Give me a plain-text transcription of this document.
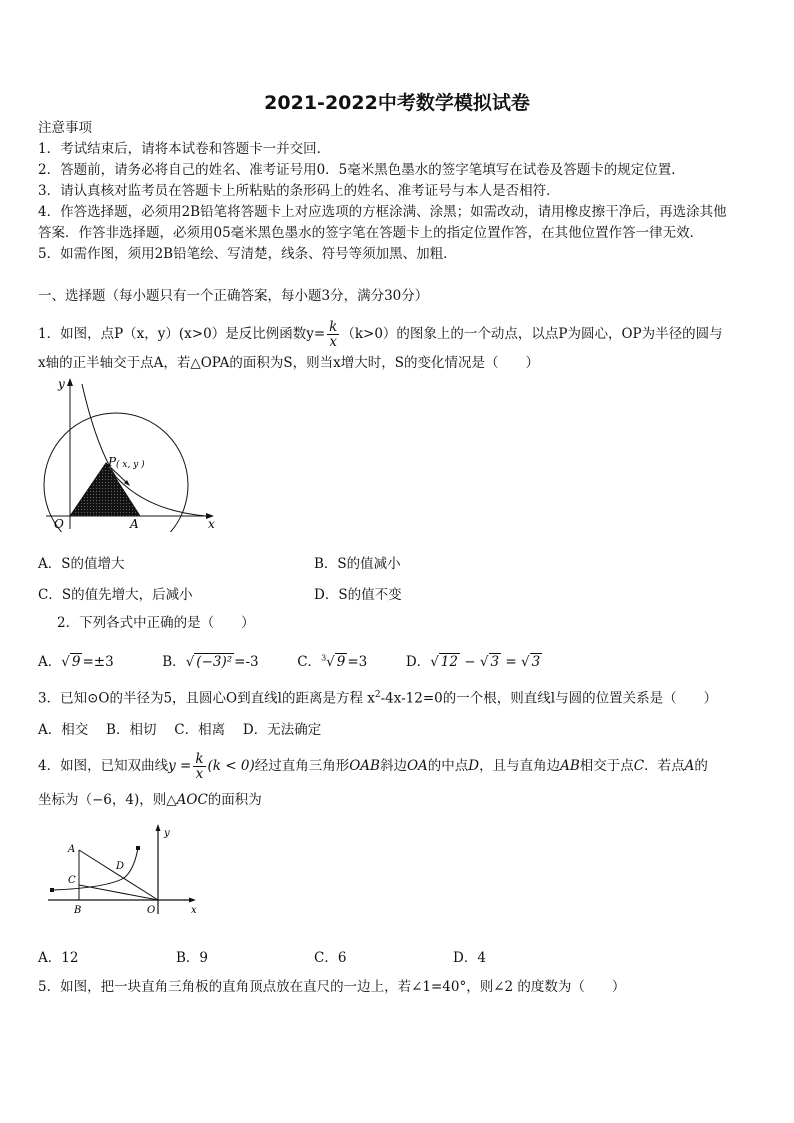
2021-2022中考数学模拟试卷
注意事项
1．考试结束后，请将本试卷和答题卡一并交回．
2．答题前，请务必将自己的姓名、准考证号用0．5毫米黑色墨水的签字笔填写在试卷及答题卡的规定位置．
3．请认真核对监考员在答题卡上所粘贴的条形码上的姓名、准考证号与本人是否相符．
4．作答选择题，必须用2B铅笔将答题卡上对应选项的方框涂满、涂黑；如需改动，请用橡皮擦干净后，再选涂其他
答案．作答非选择题，必须用05毫米黑色墨水的签字笔在答题卡上的指定位置作答，在其他位置作答一律无效．
5．如需作图，须用2B铅笔绘、写清楚，线条、符号等须加黑、加粗．
一、选择题（每小题只有一个正确答案，每小题3分，满分30分）
1．如图，点P（x，y）(x>0）是反比例函数$y= \frac{k}{x} (k>0)$的图象上的一个动点，以点P为圆心，OP为半径的圆与
x轴的正半轴交于点A，若△OPA的面积为S，则当x增大时，S的变化情况是（　　）
y
x
O	A
P ( x, y )
A．S的值增大	B．S的值减小
C．S的值先增大，后减小	D．S的值不变
2．下列各式中正确的是（　　）
A．√ 9 =±3	B．√ (−3)² =-3	C．$^3$√ 9 =3	D．√ 12 − √ 3 = √ 3
3．已知⊙O的半径为5，且圆心O到直线l的距离是方程 $x^2-4x-12=0$的一个根，则直线l与圆的位置关系是（　　）
A．相交　 B．相切　 C．相离　 D．无法确定
4．如图，已知双曲线$y = \frac{k}{x} (k < 0)$经过直角三角形OAB斜边OA的中点D，且与直角边AB相交于点C．若点A的
坐标为（−6，4)，则△AOC的面积为
A
C
D
B	O	x
y
A．12	B．9	C．6	D．4
5．如图，把一块直角三角板的直角顶点放在直尺的一边上，若∠1=40°，则∠2 的度数为（　　）
